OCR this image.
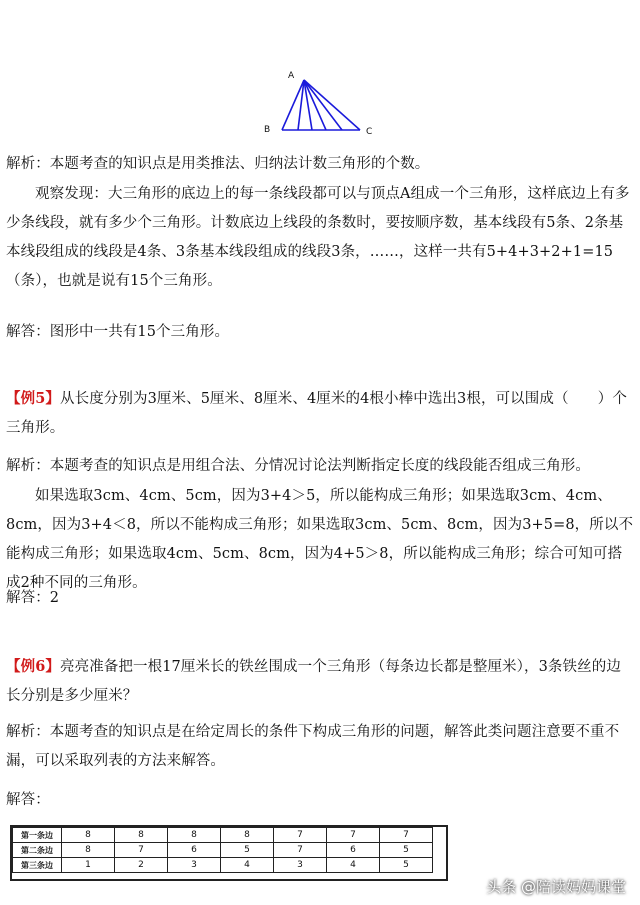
A
B	C
解析：本题考查的知识点是用类推法、归纳法计数三角形的个数。
观察发现：大三角形的底边上的每一条线段都可以与顶点A组成一个三角形，这样底边上有多少条线段，就有多少个三角形。计数底边上线段的条数时，要按顺序数，基本线段有5条、2条基本线段组成的线段是4条、3条基本线段组成的线段3条，……，这样一共有5+4+3+2+1=15（条），也就是说有15个三角形。
解答：图形中一共有15个三角形。
【例5】从长度分别为3厘米、5厘米、8厘米、4厘米的4根小棒中选出3根，可以围成（　　）个三角形。
解析：本题考查的知识点是用组合法、分情况讨论法判断指定长度的线段能否组成三角形。
如果选取3cm、4cm、5cm，因为3+4＞5，所以能构成三角形；如果选取3cm、4cm、8cm，因为3+4＜8，所以不能构成三角形；如果选取3cm、5cm、8cm，因为3+5=8，所以不能构成三角形；如果选取4cm、5cm、8cm，因为4+5＞8，所以能构成三角形；综合可知可搭成2种不同的三角形。
解答：2
【例6】亮亮准备把一根17厘米长的铁丝围成一个三角形（每条边长都是整厘米），3条铁丝的边长分别是多少厘米？
解析：本题考查的知识点是在给定周长的条件下构成三角形的问题，解答此类问题注意要不重不漏，可以采取列表的方法来解答。
解答：
第一条边	8	8	8	8	7	7	7
第二条边	8	7	6	5	7	6	5
第三条边	1	2	3	4	3	4	5
头条 @陪读妈妈课堂
